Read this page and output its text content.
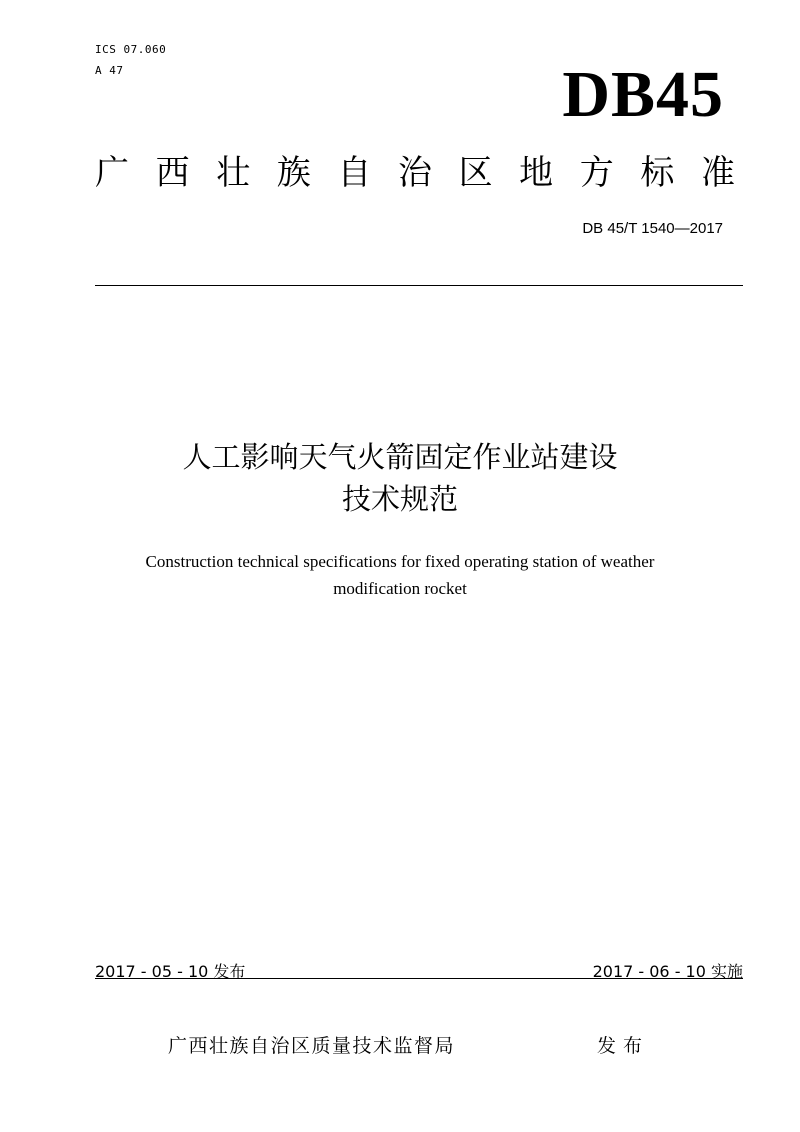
ICS 07.060
A 47	DB45
广 西 壮 族 自 治 区 地 方 标 准
DB 45/T 1540—2017
人工影响天气火箭固定作业站建设
技术规范
Construction technical specifications for fixed operating station of weather
modification rocket
2017 - 05 - 10 发布	2017 - 06 - 10 实施
广西壮族自治区质量技术监督局	发布
